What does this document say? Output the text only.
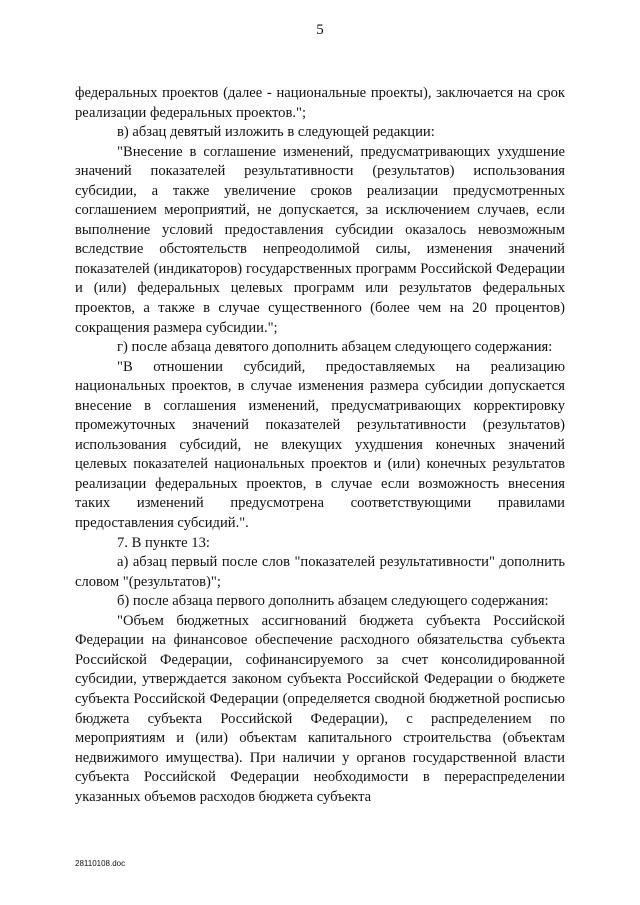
5

федеральных проектов (далее - национальные проекты), заключается на срок реализации федеральных проектов.";

в) абзац девятый изложить в следующей редакции:

"Внесение в соглашение изменений, предусматривающих ухудшение значений показателей результативности (результатов) использования субсидии, а также увеличение сроков реализации предусмотренных соглашением мероприятий, не допускается, за исключением случаев, если выполнение условий предоставления субсидии оказалось невозможным вследствие обстоятельств непреодолимой силы, изменения значений показателей (индикаторов) государственных программ Российской Федерации и (или) федеральных целевых программ или результатов федеральных проектов, а также в случае существенного (более чем на 20 процентов) сокращения размера субсидии.";

г) после абзаца девятого дополнить абзацем следующего содержания:

"В отношении субсидий, предоставляемых на реализацию национальных проектов, в случае изменения размера субсидии допускается внесение в соглашения изменений, предусматривающих корректировку промежуточных значений показателей результативности (результатов) использования субсидий, не влекущих ухудшения конечных значений целевых показателей национальных проектов и (или) конечных результатов реализации федеральных проектов, в случае если возможность внесения таких изменений предусмотрена соответствующими правилами предоставления субсидий.".

7. В пункте 13:

а) абзац первый после слов "показателей результативности" дополнить словом "(результатов)";

б) после абзаца первого дополнить абзацем следующего содержания:

"Объем бюджетных ассигнований бюджета субъекта Российской Федерации на финансовое обеспечение расходного обязательства субъекта Российской Федерации, софинансируемого за счет консолидированной субсидии, утверждается законом субъекта Российской Федерации о бюджете субъекта Российской Федерации (определяется сводной бюджетной росписью бюджета субъекта Российской Федерации), с распределением по мероприятиям и (или) объектам капитального строительства (объектам недвижимого имущества). При наличии у органов государственной власти субъекта Российской Федерации необходимости в перераспределении указанных объемов расходов бюджета субъекта

28110108.doc
